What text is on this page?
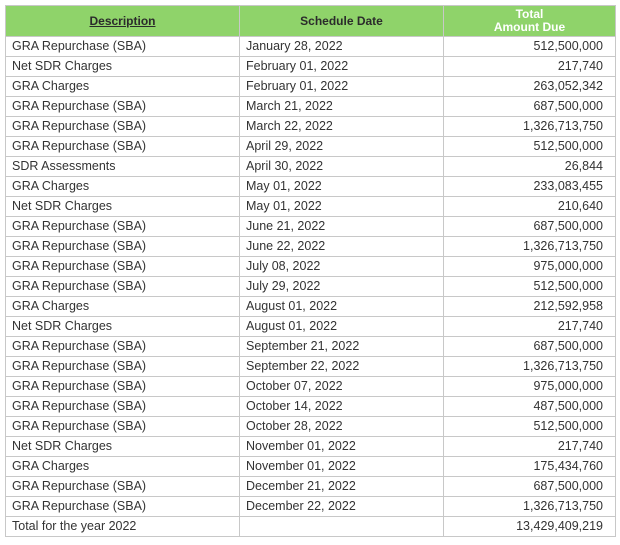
Description	Schedule Date	Total
Amount Due
GRA Repurchase (SBA)	January 28, 2022	512,500,000
Net SDR Charges	February 01, 2022	217,740
GRA Charges	February 01, 2022	263,052,342
GRA Repurchase (SBA)	March 21, 2022	687,500,000
GRA Repurchase (SBA)	March 22, 2022	1,326,713,750
GRA Repurchase (SBA)	April 29, 2022	512,500,000
SDR Assessments	April 30, 2022	26,844
GRA Charges	May 01, 2022	233,083,455
Net SDR Charges	May 01, 2022	210,640
GRA Repurchase (SBA)	June 21, 2022	687,500,000
GRA Repurchase (SBA)	June 22, 2022	1,326,713,750
GRA Repurchase (SBA)	July 08, 2022	975,000,000
GRA Repurchase (SBA)	July 29, 2022	512,500,000
GRA Charges	August 01, 2022	212,592,958
Net SDR Charges	August 01, 2022	217,740
GRA Repurchase (SBA)	September 21, 2022	687,500,000
GRA Repurchase (SBA)	September 22, 2022	1,326,713,750
GRA Repurchase (SBA)	October 07, 2022	975,000,000
GRA Repurchase (SBA)	October 14, 2022	487,500,000
GRA Repurchase (SBA)	October 28, 2022	512,500,000
Net SDR Charges	November 01, 2022	217,740
GRA Charges	November 01, 2022	175,434,760
GRA Repurchase (SBA)	December 21, 2022	687,500,000
GRA Repurchase (SBA)	December 22, 2022	1,326,713,750
Total for the year 2022		13,429,409,219
